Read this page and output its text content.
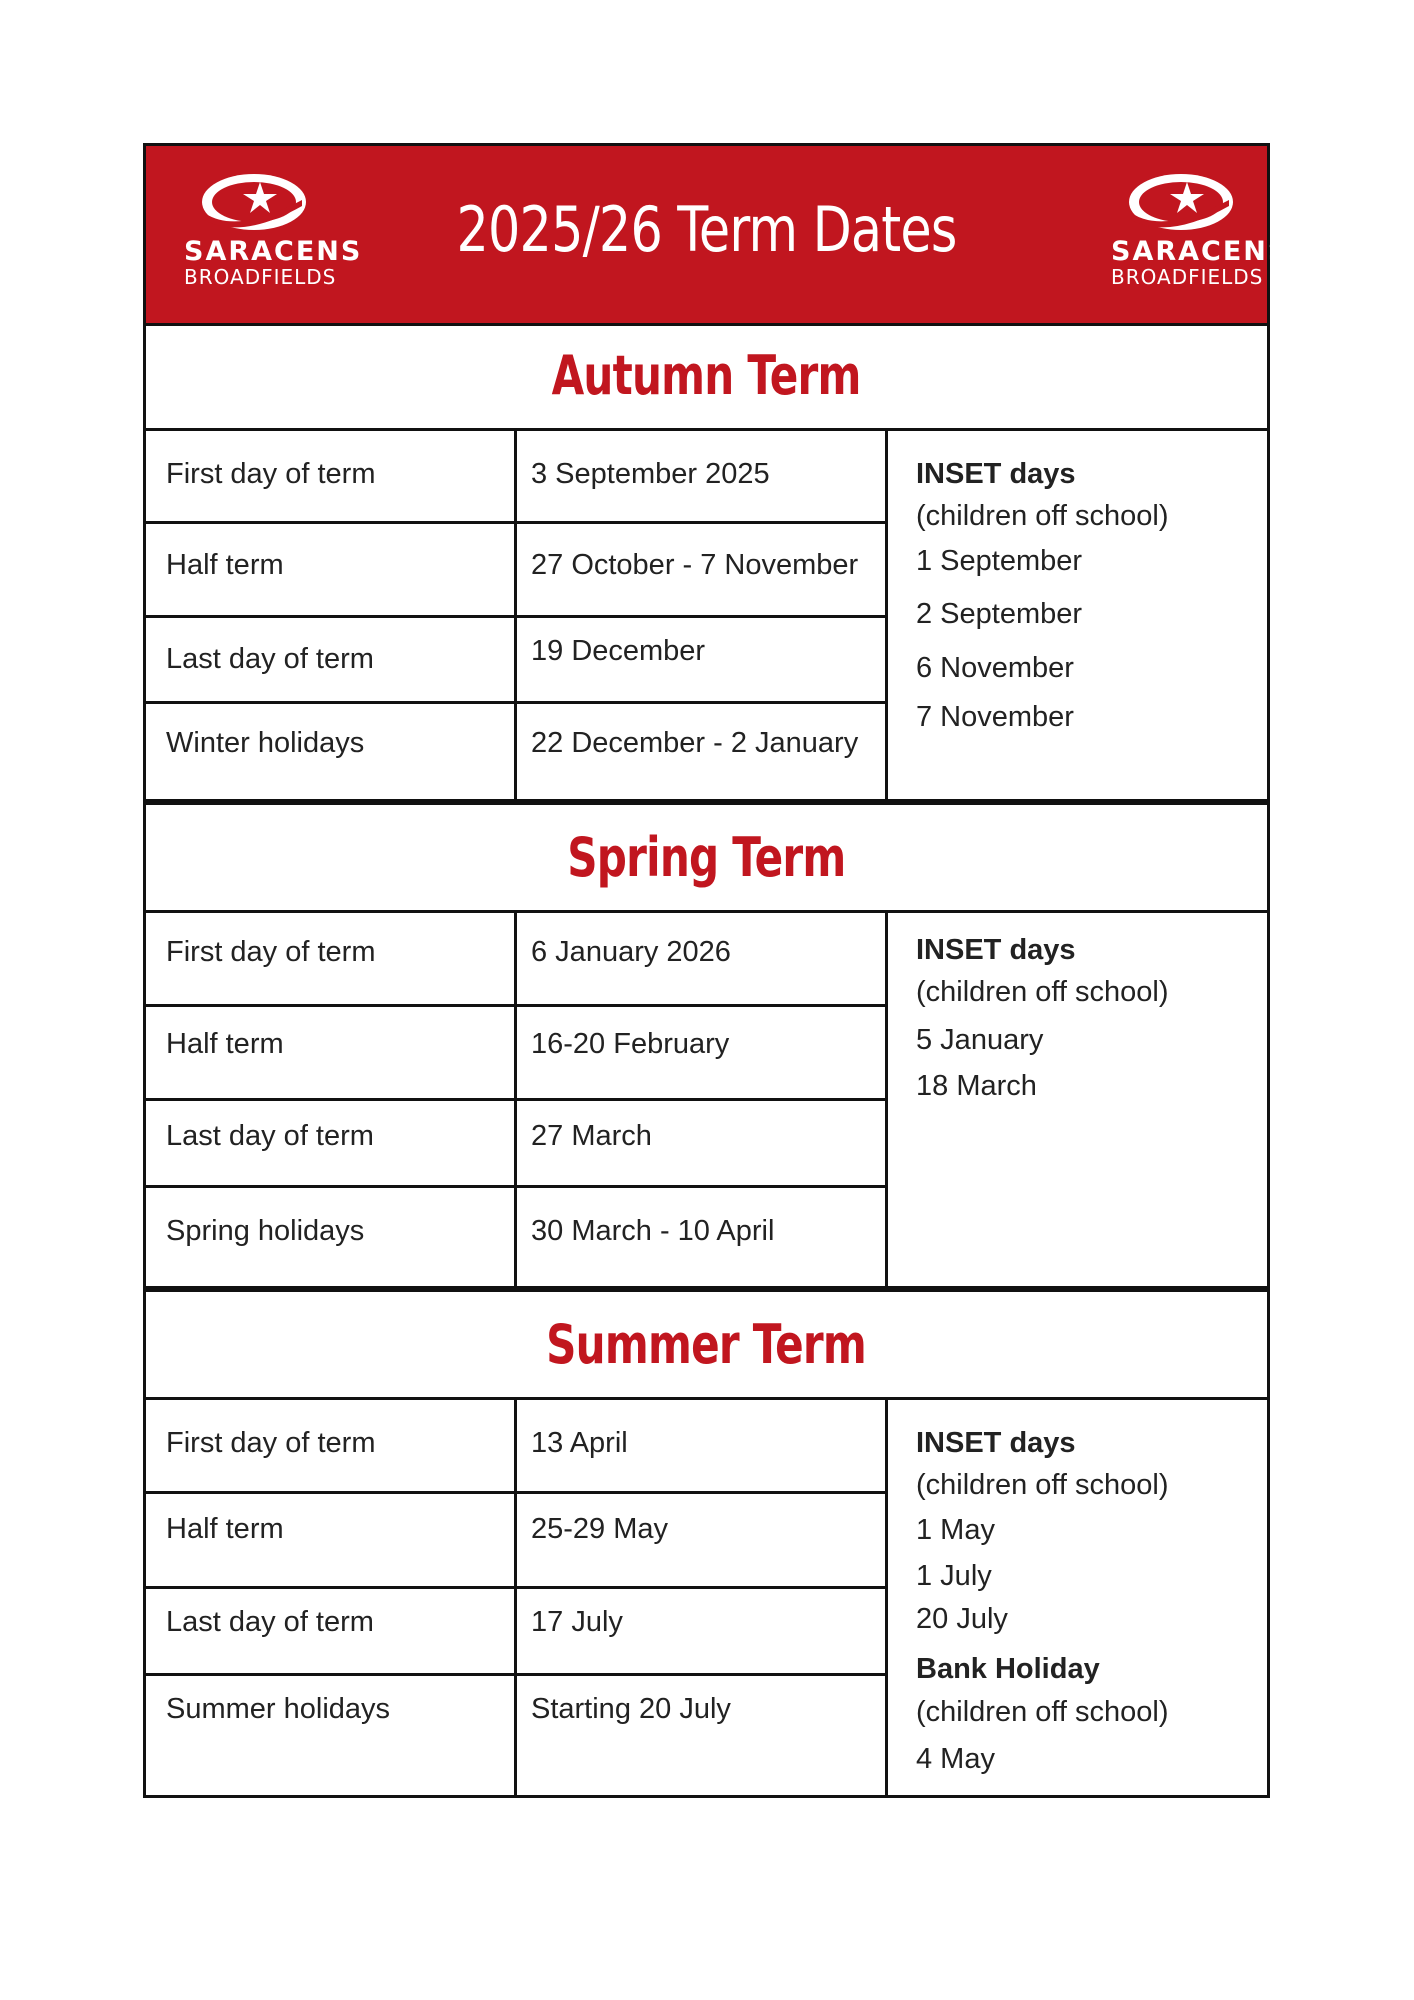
SARACENS
BROADFIELDS
2025/26 Term Dates	SARACENS
BROADFIELDS
Autumn Term
First day of term	3 September 2025
Half term	27 October - 7 November
Last day of term	19 December
Winter holidays	22 December - 2 January
INSET days
(children off school)
1 September
2 September
6 November
7 November
Spring Term
First day of term	6 January 2026
Half term	16-20 February
Last day of term	27 March
Spring holidays	30 March - 10 April
INSET days
(children off school)
5 January
18 March
Summer Term
First day of term	13 April
Half term	25-29 May
Last day of term	17 July
Summer holidays	Starting 20 July
INSET days
(children off school)
1 May
1 July
20 July
Bank Holiday
(children off school)
4 May
